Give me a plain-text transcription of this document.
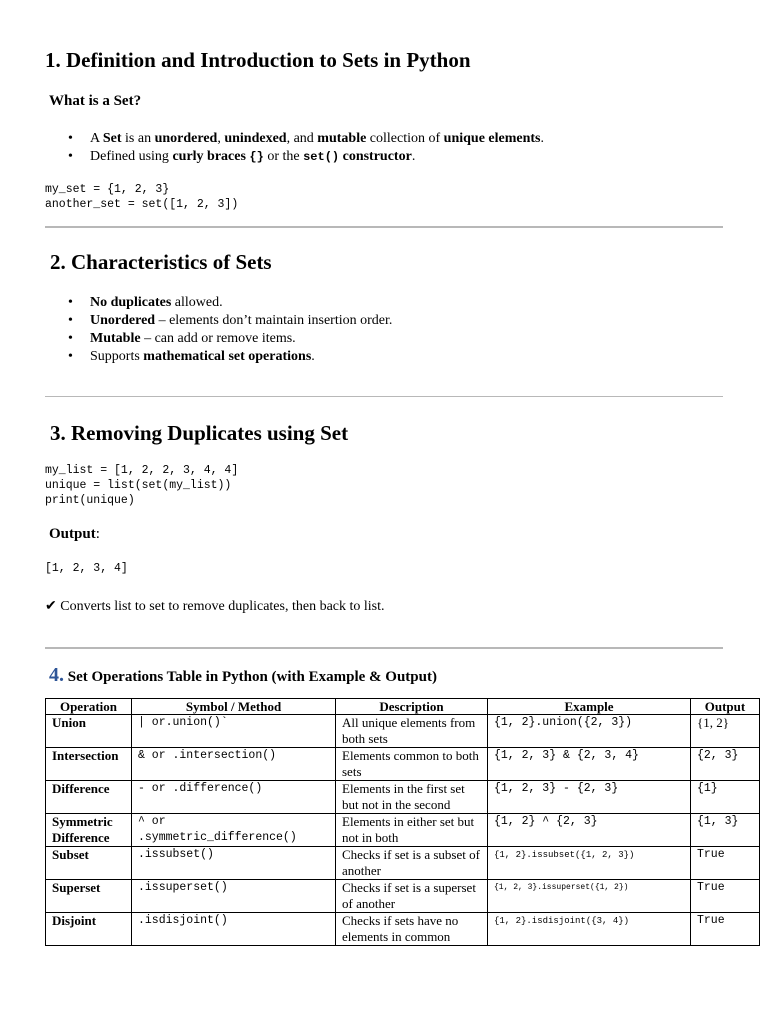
1. Definition and Introduction to Sets in Python
What is a Set?
• A Set is an unordered, unindexed, and mutable collection of unique elements.
• Defined using curly braces {} or the set() constructor.
my_set = {1, 2, 3}
another_set = set([1, 2, 3])
2. Characteristics of Sets
• No duplicates allowed.
• Unordered – elements don’t maintain insertion order.
• Mutable – can add or remove items.
• Supports mathematical set operations.
3. Removing Duplicates using Set
my_list = [1, 2, 2, 3, 4, 4]
unique = list(set(my_list))
print(unique)
Output:
[1, 2, 3, 4]
✔ Converts list to set to remove duplicates, then back to list.
4. Set Operations Table in Python (with Example & Output)
Operation	Symbol / Method	Description	Example	Output
Union	| or.union()`	All unique elements from both sets	{1, 2}.union({2, 3})	{1, 2}
Intersection	& or .intersection()	Elements common to both sets	{1, 2, 3} & {2, 3, 4}	{2, 3}
Difference	- or .difference()	Elements in the first set but not in the second	{1, 2, 3} - {2, 3}	{1}
Symmetric Difference	^ or .symmetric_difference()	Elements in either set but not in both	{1, 2} ^ {2, 3}	{1, 3}
Subset	.issubset()	Checks if set is a subset of another	{1, 2}.issubset({1, 2, 3})	True
Superset	.issuperset()	Checks if set is a superset of another	{1, 2, 3}.issuperset({1, 2})	True
Disjoint	.isdisjoint()	Checks if sets have no elements in common	{1, 2}.isdisjoint({3, 4})	True
